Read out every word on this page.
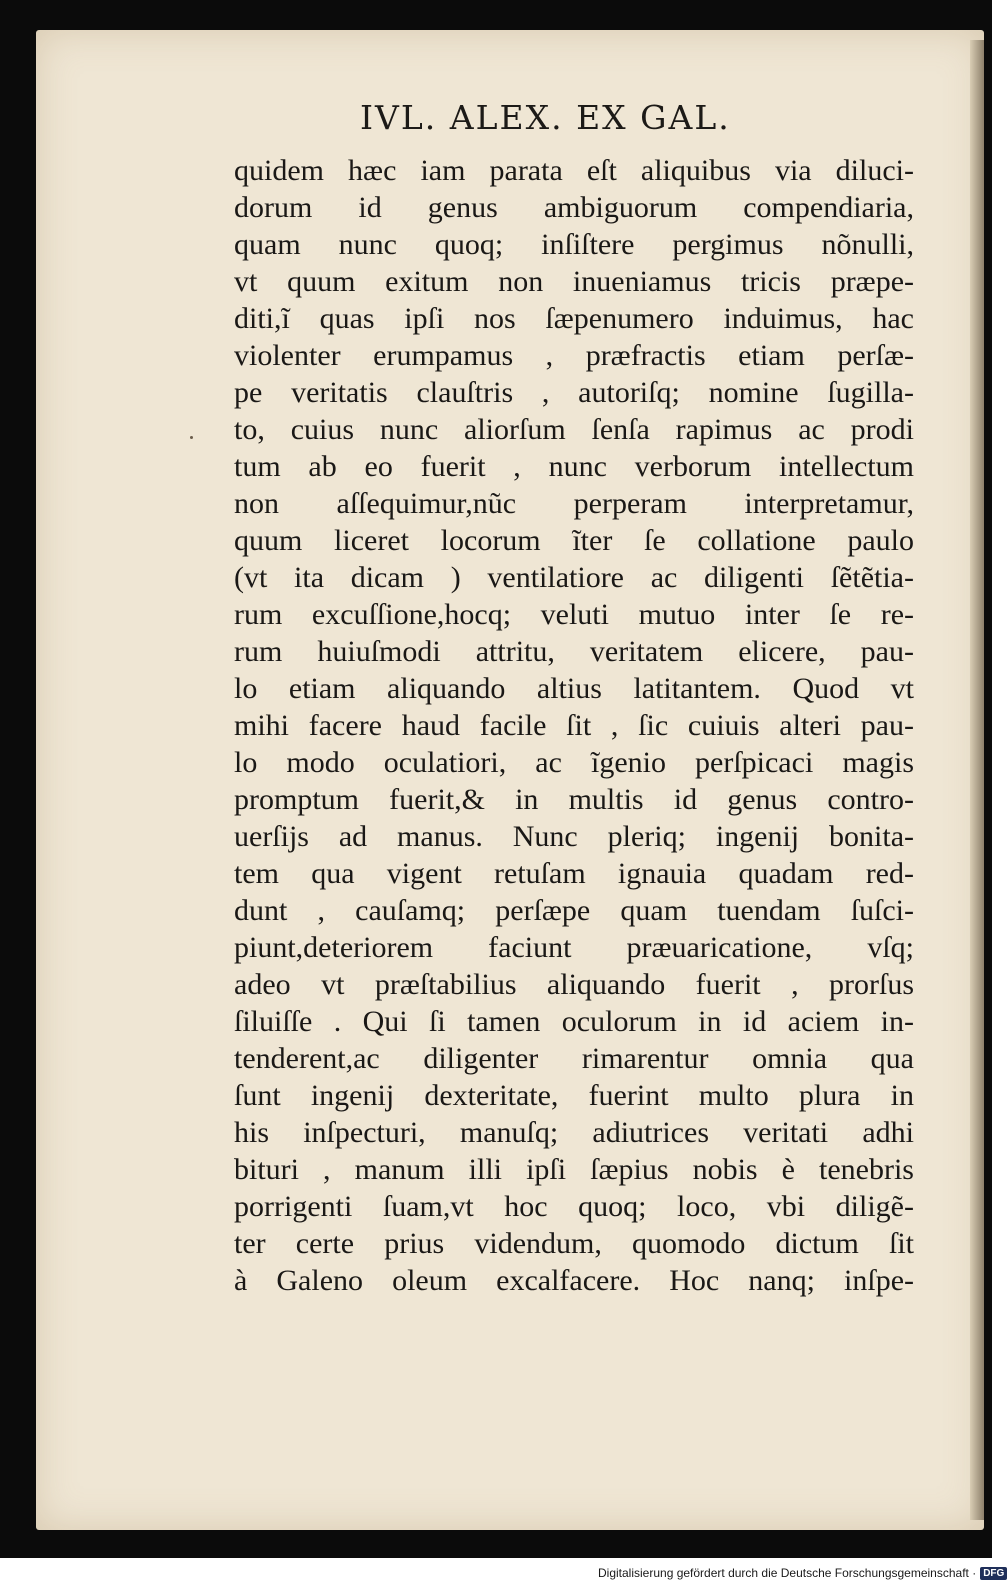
IVL. ALEX. EX GAL.
quidem hæc iam parata eſt aliquibus via diluci-
dorum id genus ambiguorum compendiaria,
quam nunc quoq; inſiſtere pergimus nõnulli,
vt quum exitum non inueniamus tricis præpe-
diti,ĩ quas ipſi nos ſæpenumero induimus, hac
violenter erumpamus , præfractis etiam perſæ-
pe veritatis clauſtris , autoriſq; nomine ſugilla-
to, cuius nunc aliorſum ſenſa rapimus ac prodi
tum ab eo fuerit , nunc verborum intellectum
non aſſequimur,nũc perperam interpretamur,
quum liceret locorum ĩter ſe collatione paulo
(vt ita dicam ) ventilatiore ac diligenti ſẽtẽtia-
rum excuſſione,hocq; veluti mutuo inter ſe re-
rum huiuſmodi attritu, veritatem elicere, pau-
lo etiam aliquando altius latitantem. Quod vt
mihi facere haud facile ſit , ſic cuiuis alteri pau-
lo modo oculatiori, ac ĩgenio perſpicaci magis
promptum fuerit,& in multis id genus contro-
uerſijs ad manus. Nunc pleriq; ingenij bonita-
tem qua vigent retuſam ignauia quadam red-
dunt , cauſamq; perſæpe quam tuendam ſuſci-
piunt,deteriorem faciunt præuaricatione, vſq;
adeo vt præſtabilius aliquando fuerit , prorſus
ſiluiſſe . Qui ſi tamen oculorum in id aciem in-
tenderent,ac diligenter rimarentur omnia qua
ſunt ingenij dexteritate, fuerint multo plura in
his inſpecturi, manuſq; adiutrices veritati adhi
bituri , manum illi ipſi ſæpius nobis è tenebris
porrigenti ſuam,vt hoc quoq; loco, vbi diligẽ-
ter certe prius videndum, quomodo dictum ſit
à Galeno oleum excalfacere. Hoc nanq; inſpe-
Digitalisierung gefördert durch die Deutsche Forschungsgemeinschaft · DFG
